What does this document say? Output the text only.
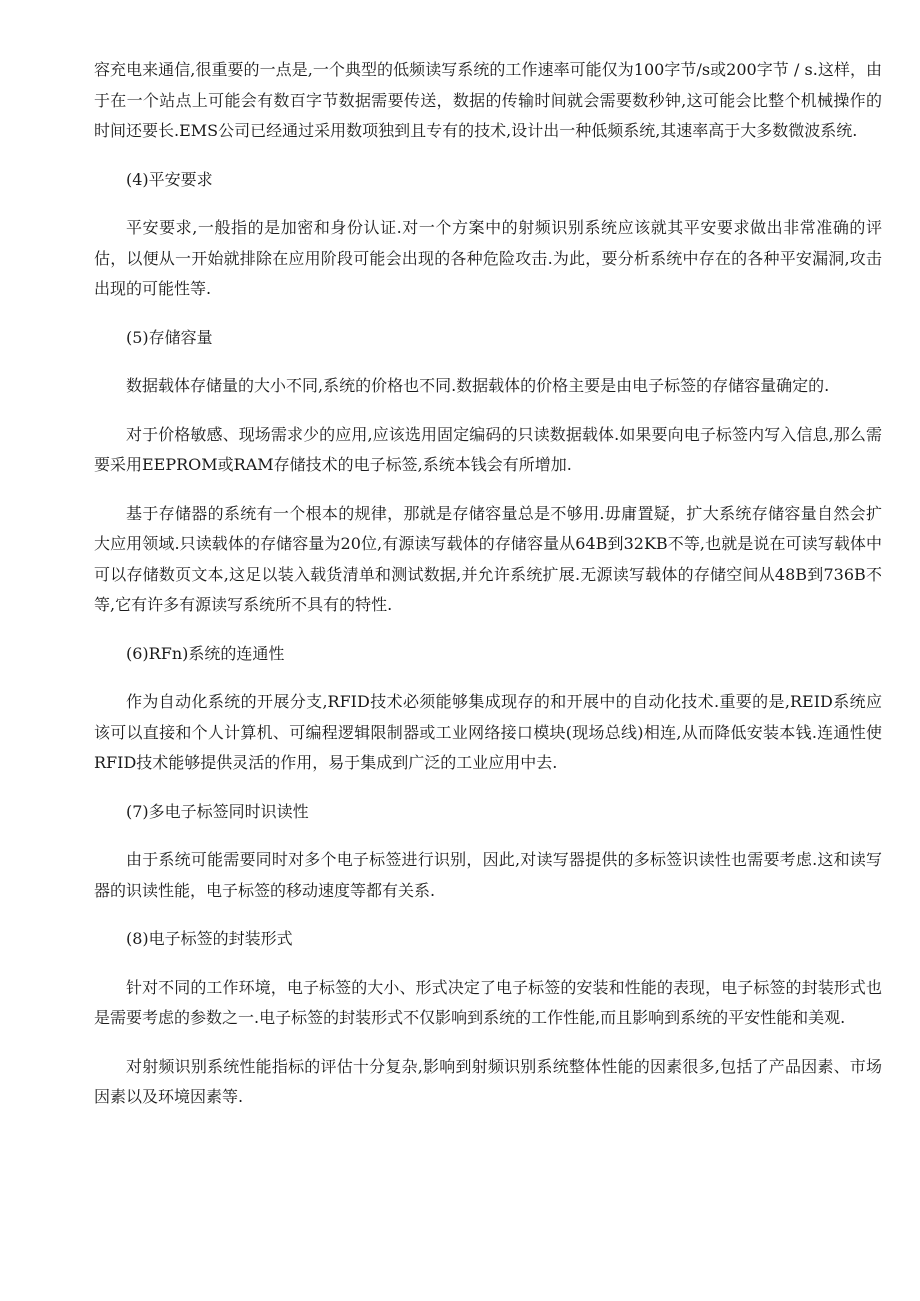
容充电来通信,很重要的一点是,一个典型的低频读写系统的工作速率可能仅为100字节/s或200字节 / s.这样，由于在一个站点上可能会有数百字节数据需要传送，数据的传输时间就会需要数秒钟,这可能会比整个机械操作的时间还要长.EMS公司已经通过采用数项独到且专有的技术,设计出一种低频系统,其速率高于大多数微波系统.

(4)平安要求

平安要求,一般指的是加密和身份认证.对一个方案中的射频识别系统应该就其平安要求做出非常准确的评估，以便从一开始就排除在应用阶段可能会出现的各种危险攻击.为此，要分析系统中存在的各种平安漏洞,攻击出现的可能性等.

(5)存储容量

数据载体存储量的大小不同,系统的价格也不同.数据载体的价格主要是由电子标签的存储容量确定的.

对于价格敏感、现场需求少的应用,应该选用固定编码的只读数据载体.如果要向电子标签内写入信息,那么需要采用EEPROM或RAM存储技术的电子标签,系统本钱会有所增加.

基于存储器的系统有一个根本的规律，那就是存储容量总是不够用.毋庸置疑，扩大系统存储容量自然会扩大应用领域.只读载体的存储容量为20位,有源读写载体的存储容量从64B到32KB不等,也就是说在可读写载体中可以存储数页文本,这足以装入载货清单和测试数据,并允许系统扩展.无源读写载体的存储空间从48B到736B不等,它有许多有源读写系统所不具有的特性.

(6)RFn)系统的连通性

作为自动化系统的开展分支,RFID技术必须能够集成现存的和开展中的自动化技术.重要的是,REID系统应该可以直接和个人计算机、可编程逻辑限制器或工业网络接口模块(现场总线)相连,从而降低安装本钱.连通性使RFID技术能够提供灵活的作用，易于集成到广泛的工业应用中去.

(7)多电子标签同时识读性

由于系统可能需要同时对多个电子标签进行识别，因此,对读写器提供的多标签识读性也需要考虑.这和读写器的识读性能，电子标签的移动速度等都有关系.

(8)电子标签的封装形式

针对不同的工作环境，电子标签的大小、形式决定了电子标签的安装和性能的表现，电子标签的封装形式也是需要考虑的参数之一.电子标签的封装形式不仅影响到系统的工作性能,而且影响到系统的平安性能和美观.

对射频识别系统性能指标的评估十分复杂,影响到射频识别系统整体性能的因素很多,包括了产品因素、市场因素以及环境因素等.
